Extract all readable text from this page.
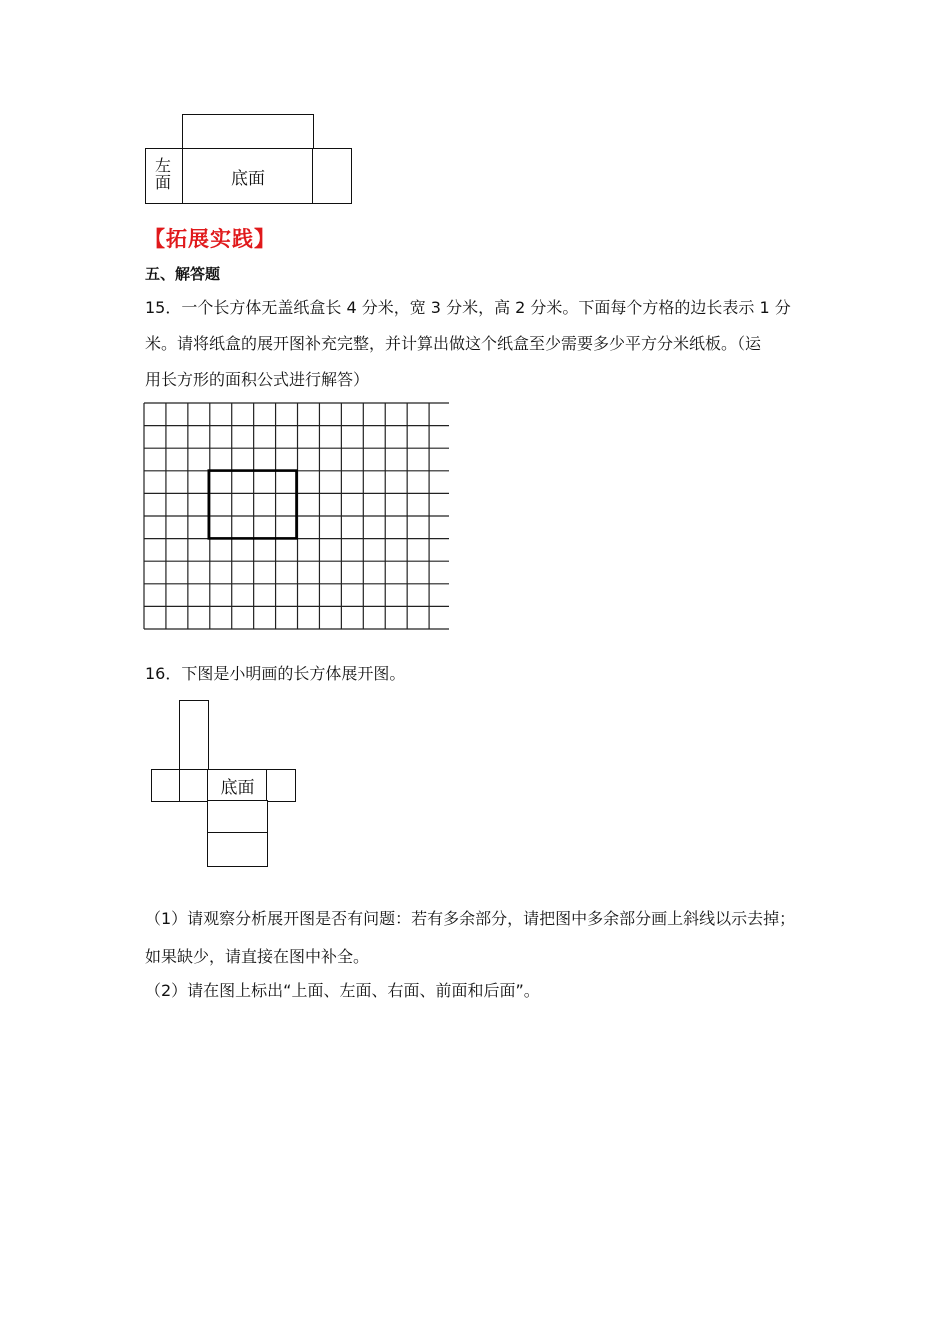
左面	底面
【拓展实践】
五、解答题
15．一个长方体无盖纸盒长 4 分米，宽 3 分米，高 2 分米。下面每个方格的边长表示 1 分
米。请将纸盒的展开图补充完整，并计算出做这个纸盒至少需要多少平方分米纸板。（运
用长方形的面积公式进行解答）
16．下图是小明画的长方体展开图。
底面
（1）请观察分析展开图是否有问题：若有多余部分，请把图中多余部分画上斜线以示去掉；
如果缺少，请直接在图中补全。
（2）请在图上标出“上面、左面、右面、前面和后面”。
